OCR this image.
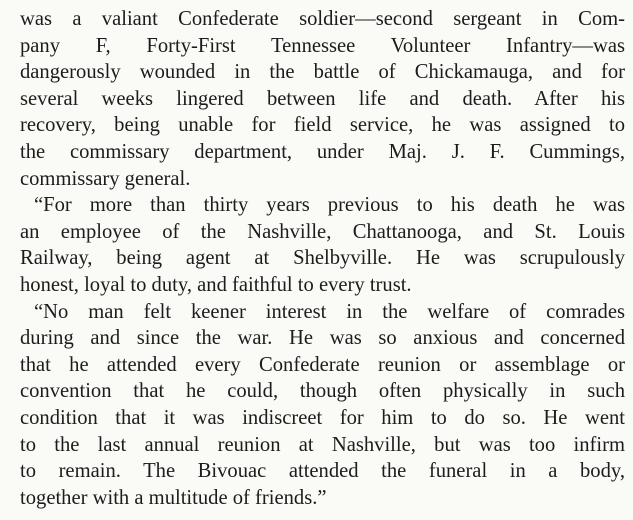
was a valiant Confederate soldier—second sergeant in Com-
pany F, Forty-First Tennessee Volunteer Infantry—was
dangerously wounded in the battle of Chickamauga, and for
several weeks lingered between life and death. After his
recovery, being unable for field service, he was assigned to
the commissary department, under Maj. J. F. Cummings,
commissary general.
“For more than thirty years previous to his death he was
an employee of the Nashville, Chattanooga, and St. Louis
Railway, being agent at Shelbyville. He was scrupulously
honest, loyal to duty, and faithful to every trust.
“No man felt keener interest in the welfare of comrades
during and since the war. He was so anxious and concerned
that he attended every Confederate reunion or assemblage or
convention that he could, though often physically in such
condition that it was indiscreet for him to do so. He went
to the last annual reunion at Nashville, but was too infirm
to remain. The Bivouac attended the funeral in a body,
together with a multitude of friends.”
